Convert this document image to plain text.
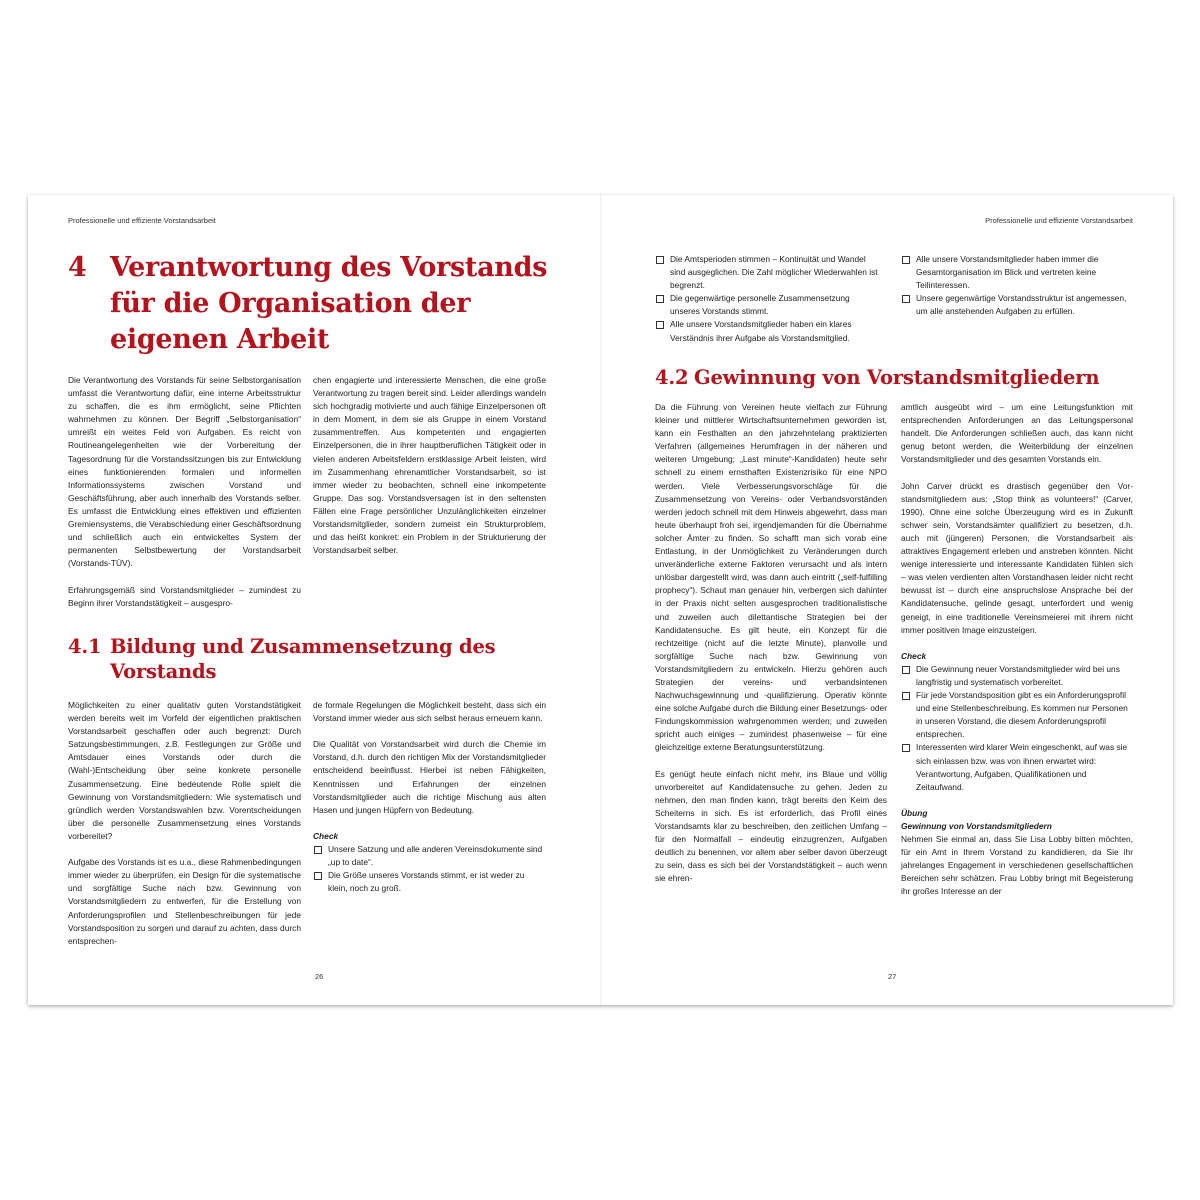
Professionelle und effiziente Vorstandsarbeit
4 Verantwortung des Vorstands für die Organisation der eigenen Arbeit

Die Verantwortung des Vorstands für seine Selbstorganisation umfasst die Verantwortung dafür, eine interne Arbeitsstruktur zu schaffen, die es ihm ermöglicht, seine Pflichten wahrnehmen zu können. Der Begriff „Selbstorganisation“ umreißt ein weites Feld von Aufgaben. Es reicht von Routineangelegenheiten wie der Vorbereitung der Tagesordnung für die Vorstandssitzungen bis zur Entwicklung eines funktionierenden formalen und informellen Informationssystems zwischen Vorstand und Geschäftsführung, aber auch innerhalb des Vorstands selber. Es umfasst die Entwicklung eines effektiven und effizienten Gremiensystems, die Verabschiedung einer Geschäftsordnung und schließlich auch ein entwickeltes System der permanenten Selbstbewertung der Vorstandsarbeit (Vorstands-TÜV).

Erfahrungsgemäß sind Vorstandsmitglieder – zumindest zu Beginn ihrer Vorstandstätigkeit – ausgespro-

chen engagierte und interessierte Menschen, die eine große Verantwortung zu tragen bereit sind. Leider allerdings wandeln sich hochgradig motivierte und auch fähige Einzelpersonen oft in dem Moment, in dem sie als Gruppe in einem Vorstand zusammentreffen. Aus kompetenten und engagierten Einzelpersonen, die in ihrer hauptberuflichen Tätigkeit oder in vielen anderen Arbeitsfeldern erstklassige Arbeit leisten, wird im Zusammenhang ehrenamtlicher Vorstandsarbeit, so ist immer wieder zu beobachten, schnell eine inkompetente Gruppe. Das sog. Vorstandsversagen ist in den seltensten Fällen eine Frage persönlicher Unzulänglichkeiten einzelner Vorstandsmitglieder, sondern zumeist ein Strukturproblem, und das heißt konkret: ein Problem in der Strukturierung der Vorstandsarbeit selber.

4.1 Bildung und Zusammensetzung des Vorstands

Möglichkeiten zu einer qualitativ guten Vorstandstätigkeit werden bereits weit im Vorfeld der eigentlichen praktischen Vorstandsarbeit geschaffen oder auch begrenzt: Durch Satzungsbestimmungen, z.B. Festlegungen zur Größe und Amtsdauer eines Vorstands oder durch die (Wahl-)Entscheidung über seine konkrete personelle Zusammensetzung. Eine bedeutende Rolle spielt die Gewinnung von Vorstandsmitgliedern: Wie systematisch und gründlich werden Vorstandswahlen bzw. Vorentscheidungen über die personelle Zusammensetzung eines Vorstands vorbereitet?

Aufgabe des Vorstands ist es u.a., diese Rahmenbedingungen immer wieder zu überprüfen, ein Design für die systematische und sorgfältige Suche nach bzw. Gewinnung von Vorstandsmitgliedern zu entwerfen, für die Erstellung von Anforderungsprofilen und Stellenbeschreibungen für jede Vorstandsposition zu sorgen und darauf zu achten, dass durch entsprechen-

de formale Regelungen die Möglichkeit besteht, dass sich ein Vorstand immer wieder aus sich selbst heraus erneuern kann.

Die Qualität von Vorstandsarbeit wird durch die Chemie im Vorstand, d.h. durch den richtigen Mix der Vorstandsmitglieder entscheidend beeinflusst. Hierbei ist neben Fähigkeiten, Kenntnissen und Erfahrungen der einzelnen Vorstandsmitglieder auch die richtige Mischung aus alten Hasen und jungen Hüpfern von Bedeutung.

Check
Unsere Satzung und alle anderen Vereinsdokumente sind „up to date“.
Die Größe unseres Vorstands stimmt, er ist weder zu klein, noch zu groß.
26
Professionelle und effiziente Vorstandsarbeit
Die Amtsperioden stimmen – Kontinuität und Wandel sind ausgeglichen. Die Zahl möglicher Wiederwahlen ist begrenzt.
Die gegenwärtige personelle Zusammensetzung unseres Vorstands stimmt.
Alle unsere Vorstandsmitglieder haben ein klares Verständnis ihrer Aufgabe als Vorstandsmitglied.
Alle unsere Vorstandsmitglieder haben immer die Gesamtorganisation im Blick und vertreten keine Teilinteressen.
Unsere gegenwärtige Vorstandsstruktur ist angemessen, um alle anstehenden Aufgaben zu erfüllen.
4.2 Gewinnung von Vorstandsmitgliedern

Da die Führung von Vereinen heute vielfach zur Führung kleiner und mittlerer Wirtschaftsunternehmen geworden ist, kann ein Festhalten an den jahrzehntelang praktizierten Verfahren (allgemeines Herumfragen in der näheren und weiteren Umgebung; „Last minute“-Kandidaten) heute sehr schnell zu einem ernsthaften Existenzrisiko für eine NPO werden. Viele Verbesserungsvorschläge für die Zusammensetzung von Vereins- oder Verbandsvorständen werden jedoch schnell mit dem Hinweis abgewehrt, dass man heute überhaupt froh sei, irgendjemanden für die Übernahme solcher Ämter zu finden. So schafft man sich vorab eine Entlastung, in der Unmöglichkeit zu Veränderungen durch unveränderliche externe Faktoren verursacht und als intern unlösbar dargestellt wird, was dann auch eintritt („self-fulfilling prophecy“). Schaut man genauer hin, verbergen sich dahinter in der Praxis nicht selten ausgesprochen traditionalistische und zuweilen auch dilettantische Strategien bei der Kandidatensuche. Es gilt heute, ein Konzept für die rechtzeitige (nicht auf die letzte Minute), planvolle und sorgfältige Suche nach bzw. Gewinnung von Vorstandsmitgliedern zu entwickeln. Hierzu gehören auch Strategien der vereins- und verbandsintenen Nachwuchsgewinnung und -qualifizierung. Operativ könnte eine solche Aufgabe durch die Bildung einer Besetzungs- oder Findungskommission wahrgenommen werden; und zuweilen spricht auch einiges – zumindest phasenweise – für eine gleichzeitige externe Beratungsunterstützung.

Es genügt heute einfach nicht mehr, ins Blaue und völlig unvorbereitet auf Kandidatensuche zu gehen. Jeden zu nehmen, den man finden kann, trägt bereits den Keim des Scheiterns in sich. Es ist erforderlich, das Profil eines Vorstandsamts klar zu beschreiben, den zeitlichen Umfang – für den Normalfall – eindeutig einzugrenzen, Aufgaben deutlich zu benennen, vor allem aber selber davon überzeugt zu sein, dass es sich bei der Vorstandstätigkeit – auch wenn sie ehren-

amtlich ausgeübt wird – um eine Leitungsfunktion mit entsprechenden Anforderungen an das Leitungspersonal handelt. Die Anforderungen schließen auch, das kann nicht genug betont werden, die Weiterbildung der einzelnen Vorstandsmitglieder und des gesamten Vorstands ein.

John Carver drückt es drastisch gegenüber den Vorstandsmitgliedern aus: „Stop think as volunteers!“ (Carver, 1990). Ohne eine solche Überzeugung wird es in Zukunft schwer sein, Vorstandsämter qualifiziert zu besetzen, d.h. auch mit (jüngeren) Personen, die Vorstandsarbeit als attraktives Engagement erleben und anstreben könnten. Nicht wenige interessierte und interessante Kandidaten fühlen sich – was vielen verdienten alten Vorstandhasen leider nicht recht bewusst ist – durch eine anspruchslose Ansprache bei der Kandidatensuche, gelinde gesagt, unterfordert und wenig geneigt, in eine traditionelle Vereinsmeierei mit ihrem nicht immer positiven Image einzusteigen.

Check
Die Gewinnung neuer Vorstandsmitglieder wird bei uns langfristig und systematisch vorbereitet.
Für jede Vorstandsposition gibt es ein Anforderungsprofil und eine Stellenbeschreibung. Es kommen nur Personen in unseren Vorstand, die diesem Anforderungsprofil entsprechen.
Interessenten wird klarer Wein eingeschenkt, auf was sie sich einlassen bzw. was von ihnen erwartet wird: Verantwortung, Aufgaben, Qualifikationen und Zeitaufwand.
Übung
Gewinnung von Vorstandsmitgliedern

Nehmen Sie einmal an, dass Sie Lisa Lobby bitten möchten, für ein Amt in Ihrem Vorstand zu kandidieren, da Sie ihr jahrelanges Engagement in verschiedenen gesellschaftlichen Bereichen sehr schätzen. Frau Lobby bringt mit Begeisterung ihr großes Interesse an der

27
